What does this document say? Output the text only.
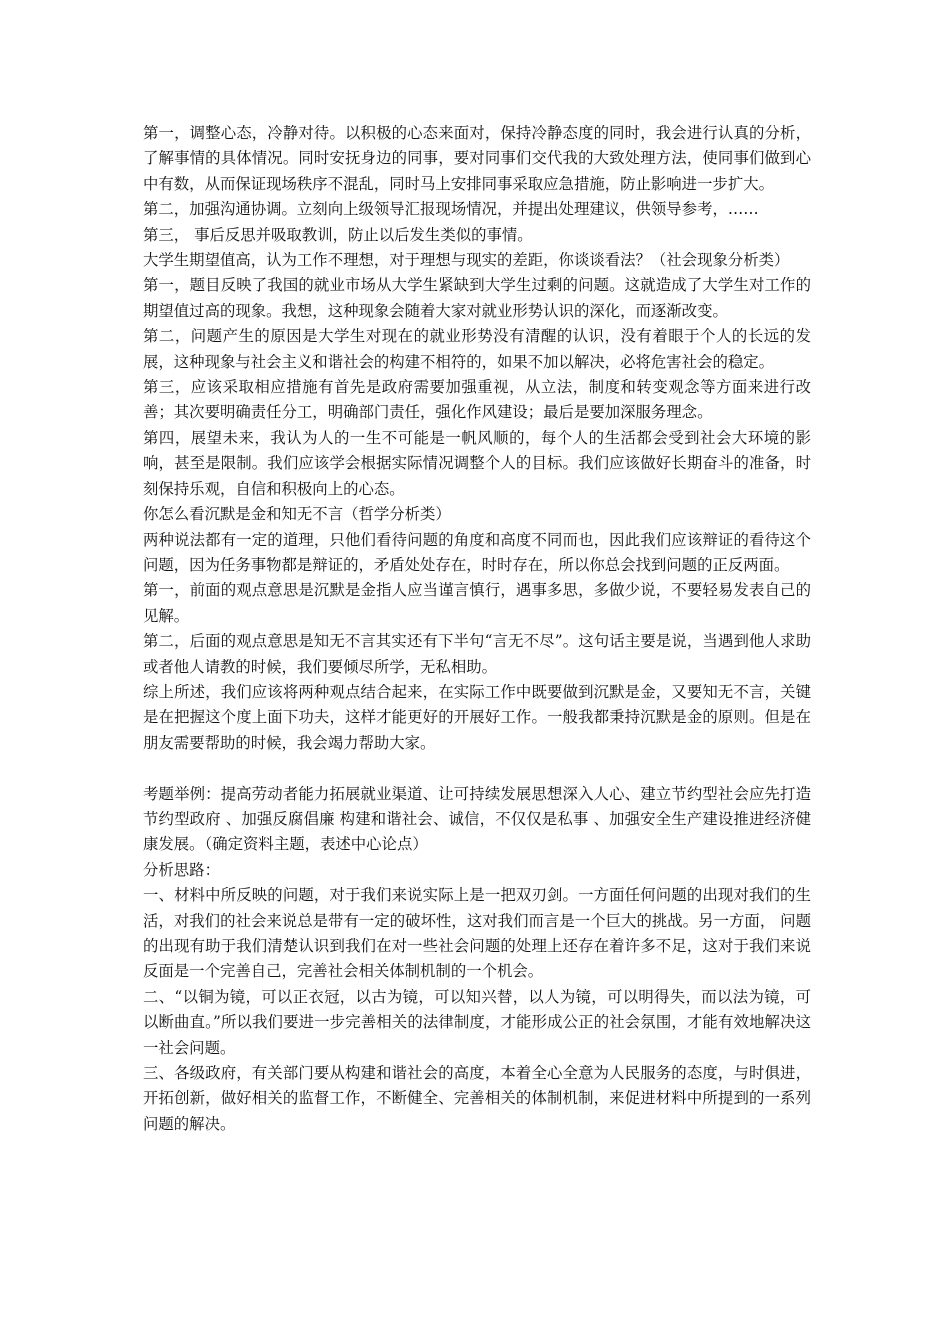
第一，调整心态，冷静对待。以积极的心态来面对，保持冷静态度的同时，我会进行认真的分析，了解事情的具体情况。同时安抚身边的同事，要对同事们交代我的大致处理方法，使同事们做到心中有数，从而保证现场秩序不混乱，同时马上安排同事采取应急措施，防止影响进一步扩大。

第二，加强沟通协调。立刻向上级领导汇报现场情况，并提出处理建议，供领导参考，……

第三， 事后反思并吸取教训，防止以后发生类似的事情。

大学生期望值高，认为工作不理想，对于理想与现实的差距，你谈谈看法？（社会现象分析类）

第一，题目反映了我国的就业市场从大学生紧缺到大学生过剩的问题。这就造成了大学生对工作的期望值过高的现象。我想，这种现象会随着大家对就业形势认识的深化，而逐渐改变。

第二，问题产生的原因是大学生对现在的就业形势没有清醒的认识，没有着眼于个人的长远的发展，这种现象与社会主义和谐社会的构建不相符的，如果不加以解决，必将危害社会的稳定。

第三，应该采取相应措施有首先是政府需要加强重视，从立法，制度和转变观念等方面来进行改善；其次要明确责任分工，明确部门责任，强化作风建设；最后是要加深服务理念。

第四，展望未来，我认为人的一生不可能是一帆风顺的，每个人的生活都会受到社会大环境的影响，甚至是限制。我们应该学会根据实际情况调整个人的目标。我们应该做好长期奋斗的准备，时刻保持乐观，自信和积极向上的心态。

你怎么看沉默是金和知无不言（哲学分析类）

两种说法都有一定的道理，只他们看待问题的角度和高度不同而也，因此我们应该辩证的看待这个问题，因为任务事物都是辩证的，矛盾处处存在，时时存在，所以你总会找到问题的正反两面。

第一，前面的观点意思是沉默是金指人应当谨言慎行，遇事多思，多做少说，不要轻易发表自己的见解。

第二，后面的观点意思是知无不言其实还有下半句“言无不尽”。这句话主要是说，当遇到他人求助或者他人请教的时候，我们要倾尽所学，无私相助。

综上所述，我们应该将两种观点结合起来，在实际工作中既要做到沉默是金，又要知无不言，关键是在把握这个度上面下功夫，这样才能更好的开展好工作。一般我都秉持沉默是金的原则。但是在朋友需要帮助的时候，我会竭力帮助大家。

考题举例：提高劳动者能力拓展就业渠道、让可持续发展思想深入人心、建立节约型社会应先打造节约型政府 、加强反腐倡廉 构建和谐社会、诚信，不仅仅是私事 、加强安全生产建设推进经济健康发展。（确定资料主题，表述中心论点）

分析思路：

一、材料中所反映的问题，对于我们来说实际上是一把双刃剑。一方面任何问题的出现对我们的生活，对我们的社会来说总是带有一定的破坏性，这对我们而言是一个巨大的挑战。另一方面， 问题的出现有助于我们清楚认识到我们在对一些社会问题的处理上还存在着许多不足，这对于我们来说反面是一个完善自己，完善社会相关体制机制的一个机会。

二、“以铜为镜，可以正衣冠，以古为镜，可以知兴替，以人为镜，可以明得失，而以法为镜，可以断曲直。”所以我们要进一步完善相关的法律制度，才能形成公正的社会氛围，才能有效地解决这一社会问题。

三、各级政府，有关部门要从构建和谐社会的高度，本着全心全意为人民服务的态度，与时俱进，开拓创新，做好相关的监督工作，不断健全、完善相关的体制机制，来促进材料中所提到的一系列问题的解决。
